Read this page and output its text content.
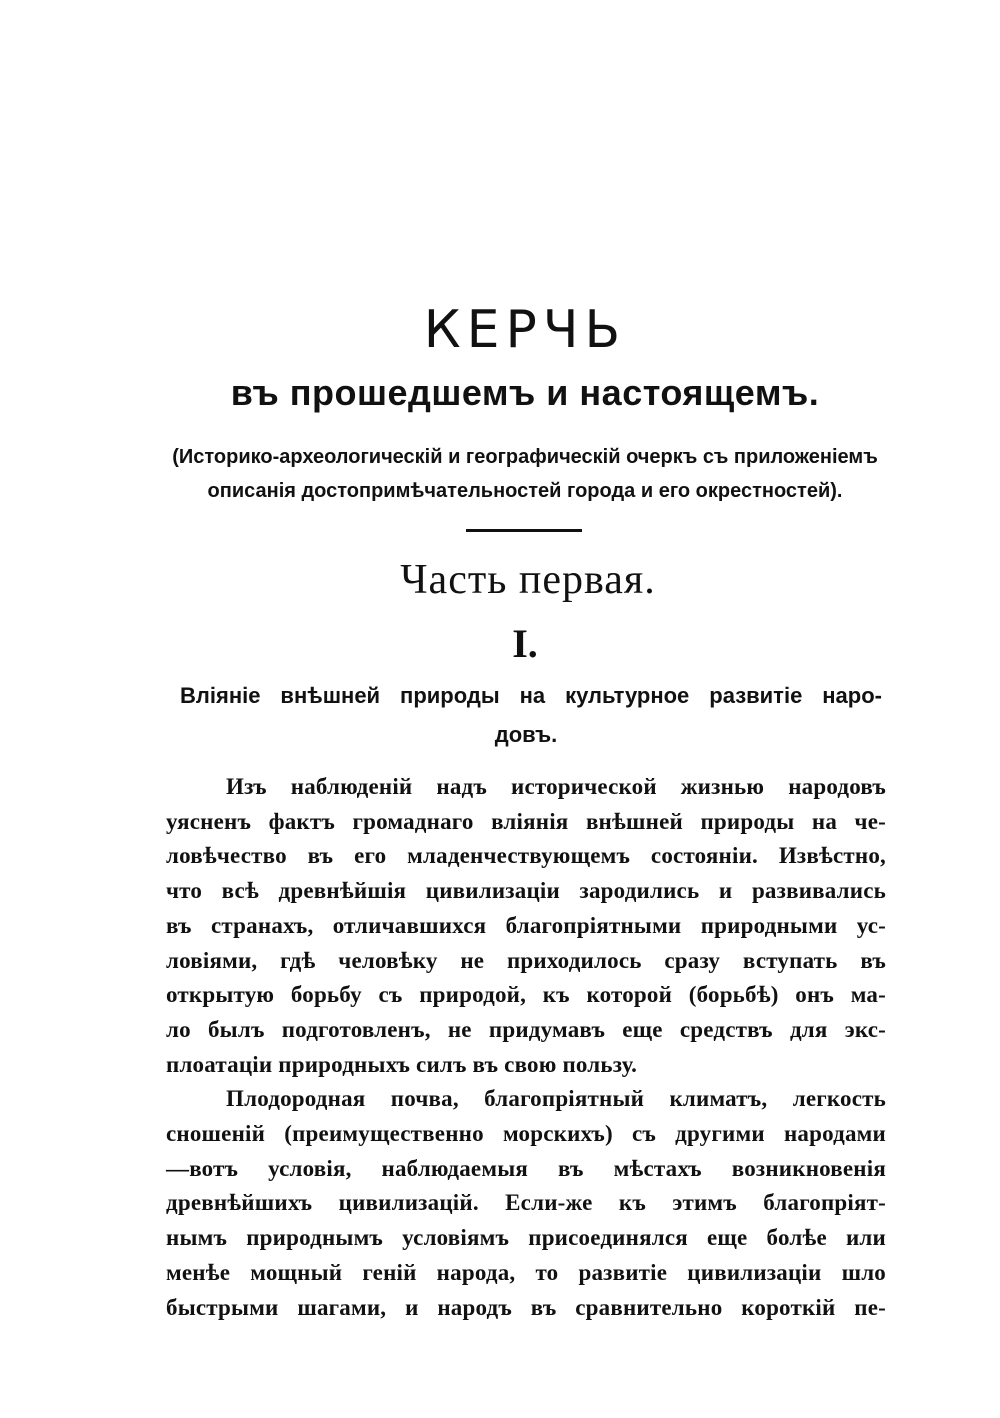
КЕРЧЬ
въ прошедшемъ и настоящемъ.
(Историко-археологическій и географическій очеркъ съ приложеніемъ
описанія достопримѣчательностей города и его окрестностей).
Часть первая.
I.
Вліяніе внѣшней природы на культурное развитіе наро-
довъ.
Изъ наблюденій надъ исторической жизнью народовъ
уясненъ фактъ громаднаго вліянія внѣшней природы на че-
ловѣчество въ его младенчествующемъ состояніи. Извѣстно,
что всѣ древнѣйшія цивилизаціи зародились и развивались
въ странахъ, отличавшихся благопріятными природными ус-
ловіями, гдѣ человѣку не приходилось сразу вступать въ
открытую борьбу съ природой, къ которой (борьбѣ) онъ ма-
ло былъ подготовленъ, не придумавъ еще средствъ для экс-
плоатаціи природныхъ силъ въ свою пользу.
Плодородная почва, благопріятный климатъ, легкость
сношеній (преимущественно морскихъ) съ другими народами
—вотъ условія, наблюдаемыя въ мѣстахъ возникновенія
древнѣйшихъ цивилизацій. Если-же къ этимъ благопріят-
нымъ природнымъ условіямъ присоединялся еще болѣе или
менѣе мощный геній народа, то развитіе цивилизаціи шло
быстрыми шагами, и народъ въ сравнительно короткій пе-
